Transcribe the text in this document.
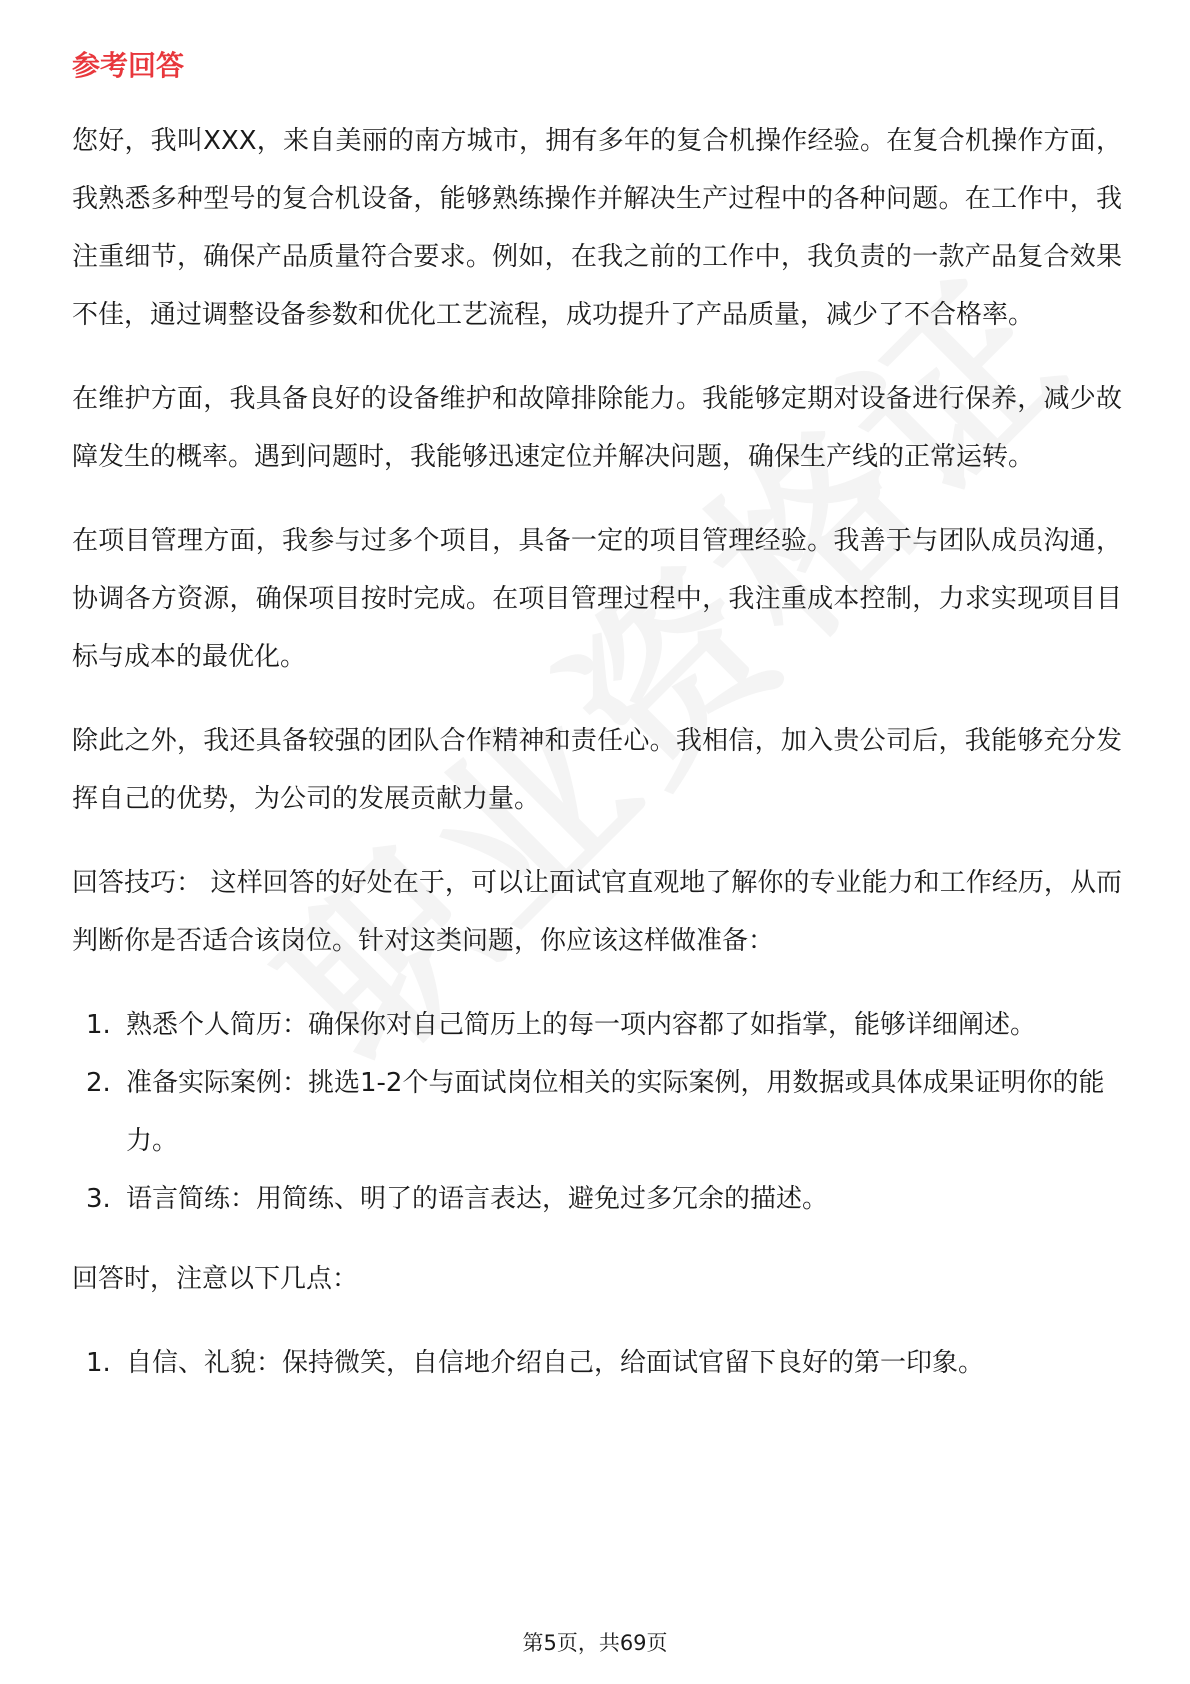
参考回答

您好，我叫XXX，来自美丽的南方城市，拥有多年的复合机操作经验。在复合机操作方面，我熟悉多种型号的复合机设备，能够熟练操作并解决生产过程中的各种问题。在工作中，我注重细节，确保产品质量符合要求。例如，在我之前的工作中，我负责的一款产品复合效果不佳，通过调整设备参数和优化工艺流程，成功提升了产品质量，减少了不合格率。

在维护方面，我具备良好的设备维护和故障排除能力。我能够定期对设备进行保养，减少故障发生的概率。遇到问题时，我能够迅速定位并解决问题，确保生产线的正常运转。

在项目管理方面，我参与过多个项目，具备一定的项目管理经验。我善于与团队成员沟通，协调各方资源，确保项目按时完成。在项目管理过程中，我注重成本控制，力求实现项目目标与成本的最优化。

除此之外，我还具备较强的团队合作精神和责任心。我相信，加入贵公司后，我能够充分发挥自己的优势，为公司的发展贡献力量。

回答技巧： 这样回答的好处在于，可以让面试官直观地了解你的专业能力和工作经历，从而判断你是否适合该岗位。针对这类问题，你应该这样做准备：

1. 熟悉个人简历：确保你对自己简历上的每一项内容都了如指掌，能够详细阐述。
2. 准备实际案例：挑选1-2个与面试岗位相关的实际案例，用数据或具体成果证明你的能力。
3. 语言简练：用简练、明了的语言表达，避免过多冗余的描述。

回答时，注意以下几点：

1. 自信、礼貌：保持微笑，自信地介绍自己，给面试官留下良好的第一印象。
第5页，共69页
